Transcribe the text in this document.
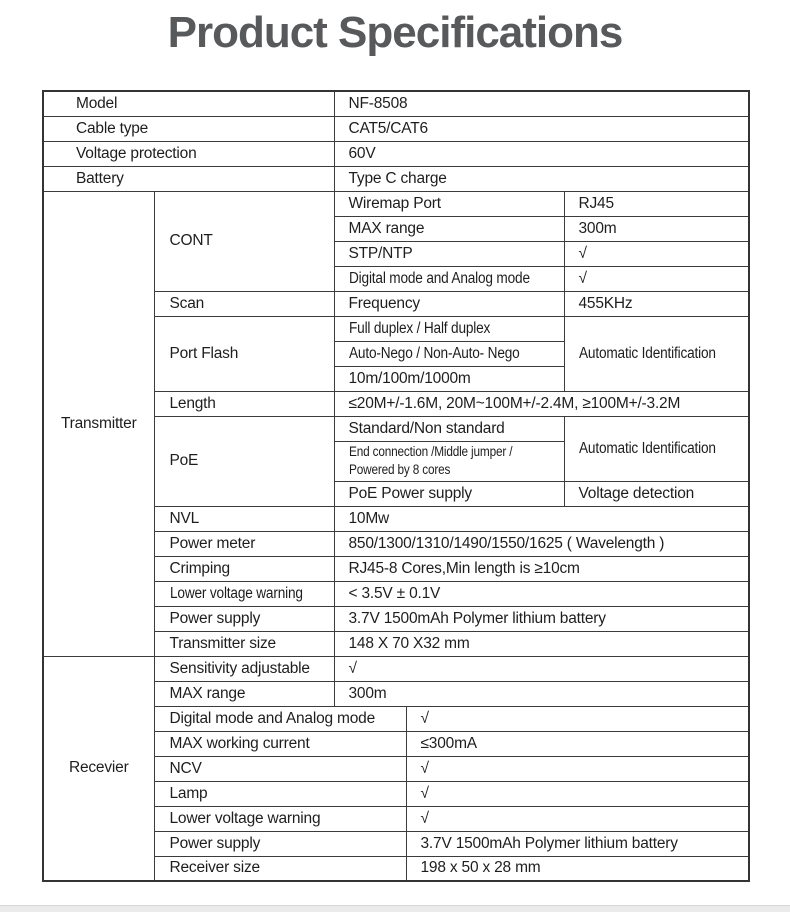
Product Specifications
Model		NF-8508		
Cable type		CAT5/CAT6		
Voltage protection		60V		
Battery		Type C charge		
Transmitter	CONT	Wiremap Port		RJ45
		MAX range		300m
		STP/NTP		√
		Digital mode and Analog mode		√
	Scan	Frequency		455KHz
	Port Flash	Full duplex / Half duplex		Automatic Identification
		Auto-Nego / Non-Auto- Nego		
		10m/100m/1000m		
	Length	≤20M+/-1.6M, 20M~100M+/-2.4M, ≥100M+/-3.2M		
	PoE	Standard/Non standard		Automatic Identification
		End connection /Middle jumper / Powered by 8 cores		
		PoE Power supply		Voltage detection
	NVL	10Mw		
	Power meter	850/1300/1310/1490/1550/1625 ( Wavelength )		
	Crimping	RJ45-8 Cores,Min length is ≥10cm		
	Lower voltage warning	< 3.5V ± 0.1V		
	Power supply	3.7V 1500mAh Polymer lithium battery		
	Transmitter size	148 X 70 X32 mm		
Recevier	Sensitivity adjustable	√		
	MAX range	300m		
	Digital mode and Analog mode		√	
	MAX working current		≤300mA	
	NCV		√	
	Lamp		√	
	Lower voltage warning		√	
	Power supply		3.7V 1500mAh Polymer lithium battery	
	Receiver size		198 x 50 x 28 mm	
